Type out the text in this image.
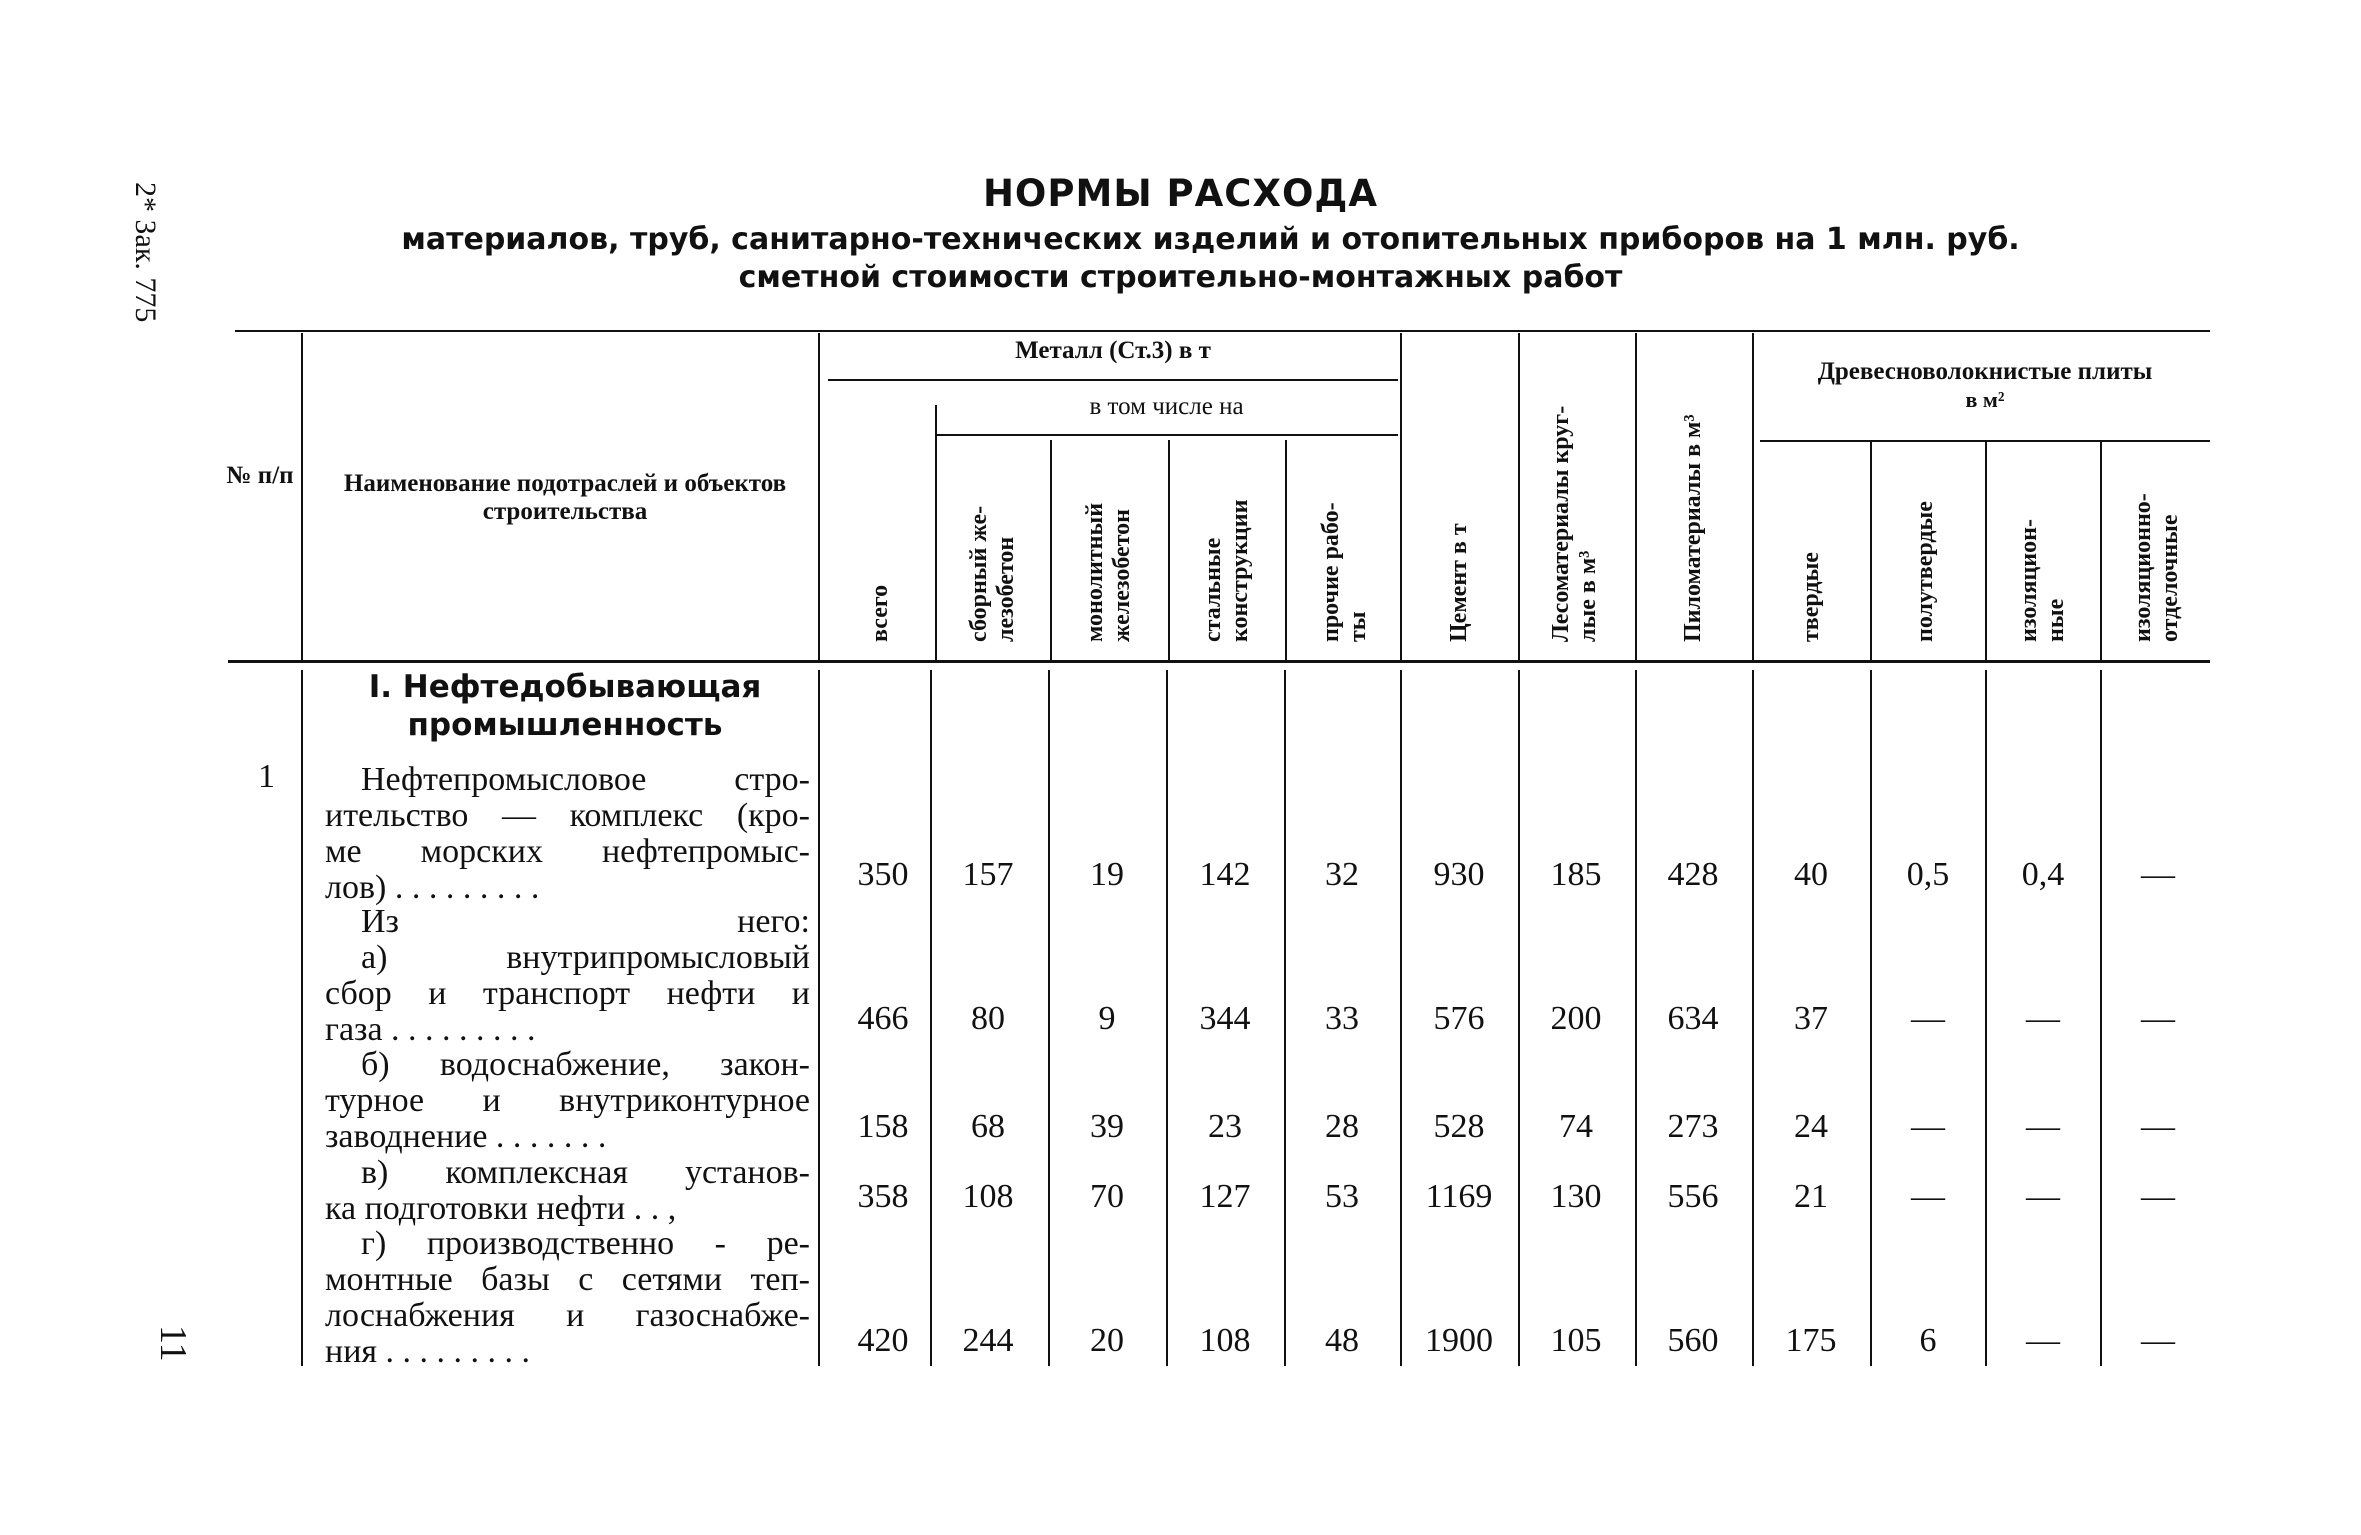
НОРМЫ РАСХОДА
материалов, труб, санитарно-технических изделий и отопительных приборов на 1 млн. руб.
сметной стоимости строительно-монтажных работ
2* Зак. 775
11
№ п/п	Наименование подотраслей и объектов строительства
Металл (Ст.3) в т
в том числе на
Древесноволокнистые плиты
в м²
всего	сборный же- лезобетон	монолитный железобетон	стальные конструкции	прочие рабо- ты	Цемент в т	Лесоматериалы круг- лые в м³	Пиломатериалы в м³	твердые	полутвердые	изоляцион- ные	изоляционно- отделочные
I. Нефтедобывающая
промышленность
1	Нефтепромысловое стро-
ительство — комплекс (кро-
ме морских нефтепромыс-
лов) . . . . . . . . .	350	157	19	142	32	930	185	428	40	0,5	0,4	—
Из него:
а) внутрипромысловый
сбор и транспорт нефти и
газа . . . . . . . . .	466	80	9	344	33	576	200	634	37	—	—	—
б) водоснабжение, закон-
турное и внутриконтурное
заводнение . . . . . . .	158	68	39	23	28	528	74	273	24	—	—	—
в) комплексная установ-
ка подготовки нефти . . ,	358	108	70	127	53	1169	130	556	21	—	—	—
г) производственно - ре-
монтные базы с сетями теп-
лоснабжения и газоснабже-
ния . . . . . . . . .	420	244	20	108	48	1900	105	560	175	6	—	—
